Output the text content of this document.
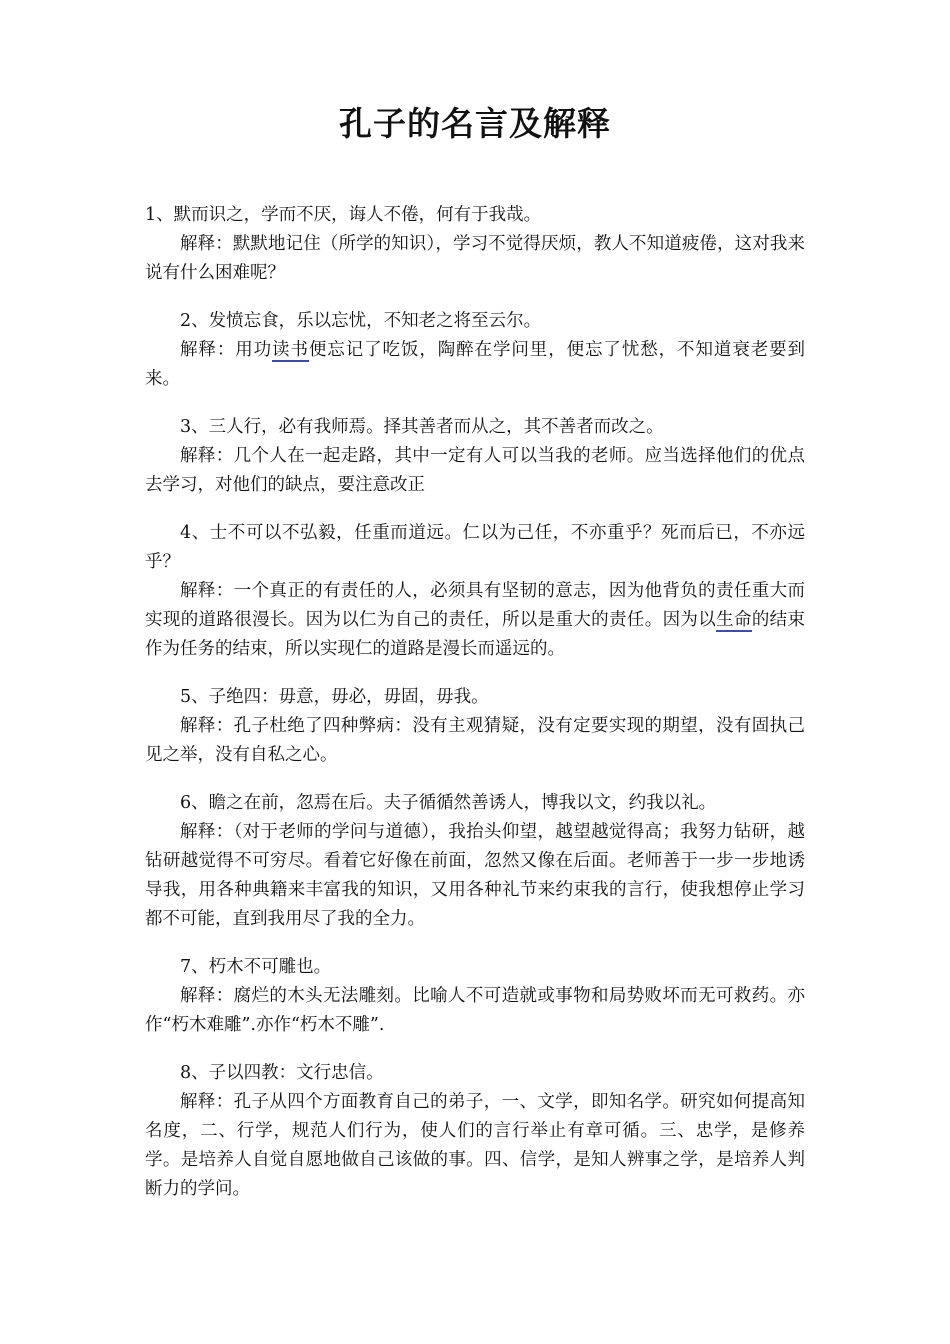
孔子的名言及解释

1、默而识之，学而不厌，诲人不倦，何有于我哉。

解释：默默地记住（所学的知识），学习不觉得厌烦，教人不知道疲倦，这对我来说有什么困难呢？

2、发愤忘食，乐以忘忧，不知老之将至云尔。

解释：用功读书便忘记了吃饭，陶醉在学问里，便忘了忧愁，不知道衰老要到来。

3、三人行，必有我师焉。择其善者而从之，其不善者而改之。

解释：几个人在一起走路，其中一定有人可以当我的老师。应当选择他们的优点去学习，对他们的缺点，要注意改正

4、士不可以不弘毅，任重而道远。仁以为己任，不亦重乎？死而后已，不亦远乎？

解释：一个真正的有责任的人，必须具有坚韧的意志，因为他背负的责任重大而实现的道路很漫长。因为以仁为自己的责任，所以是重大的责任。因为以生命的结束作为任务的结束，所以实现仁的道路是漫长而遥远的。

5、子绝四：毋意，毋必，毋固，毋我。

解释：孔子杜绝了四种弊病：没有主观猜疑，没有定要实现的期望，没有固执己见之举，没有自私之心。

6、瞻之在前，忽焉在后。夫子循循然善诱人，博我以文，约我以礼。

解释：（对于老师的学问与道德），我抬头仰望，越望越觉得高；我努力钻研，越钻研越觉得不可穷尽。看着它好像在前面，忽然又像在后面。老师善于一步一步地诱导我，用各种典籍来丰富我的知识，又用各种礼节来约束我的言行，使我想停止学习都不可能，直到我用尽了我的全力。

7、朽木不可雕也。

解释：腐烂的木头无法雕刻。比喻人不可造就或事物和局势败坏而无可救药。亦作“朽木难雕”.亦作“朽木不雕”.

8、子以四教：文行忠信。

解释：孔子从四个方面教育自己的弟子，一、文学，即知名学。研究如何提高知名度，二、行学，规范人们行为，使人们的言行举止有章可循。三、忠学，是修养学。是培养人自觉自愿地做自己该做的事。四、信学，是知人辨事之学，是培养人判断力的学问。
